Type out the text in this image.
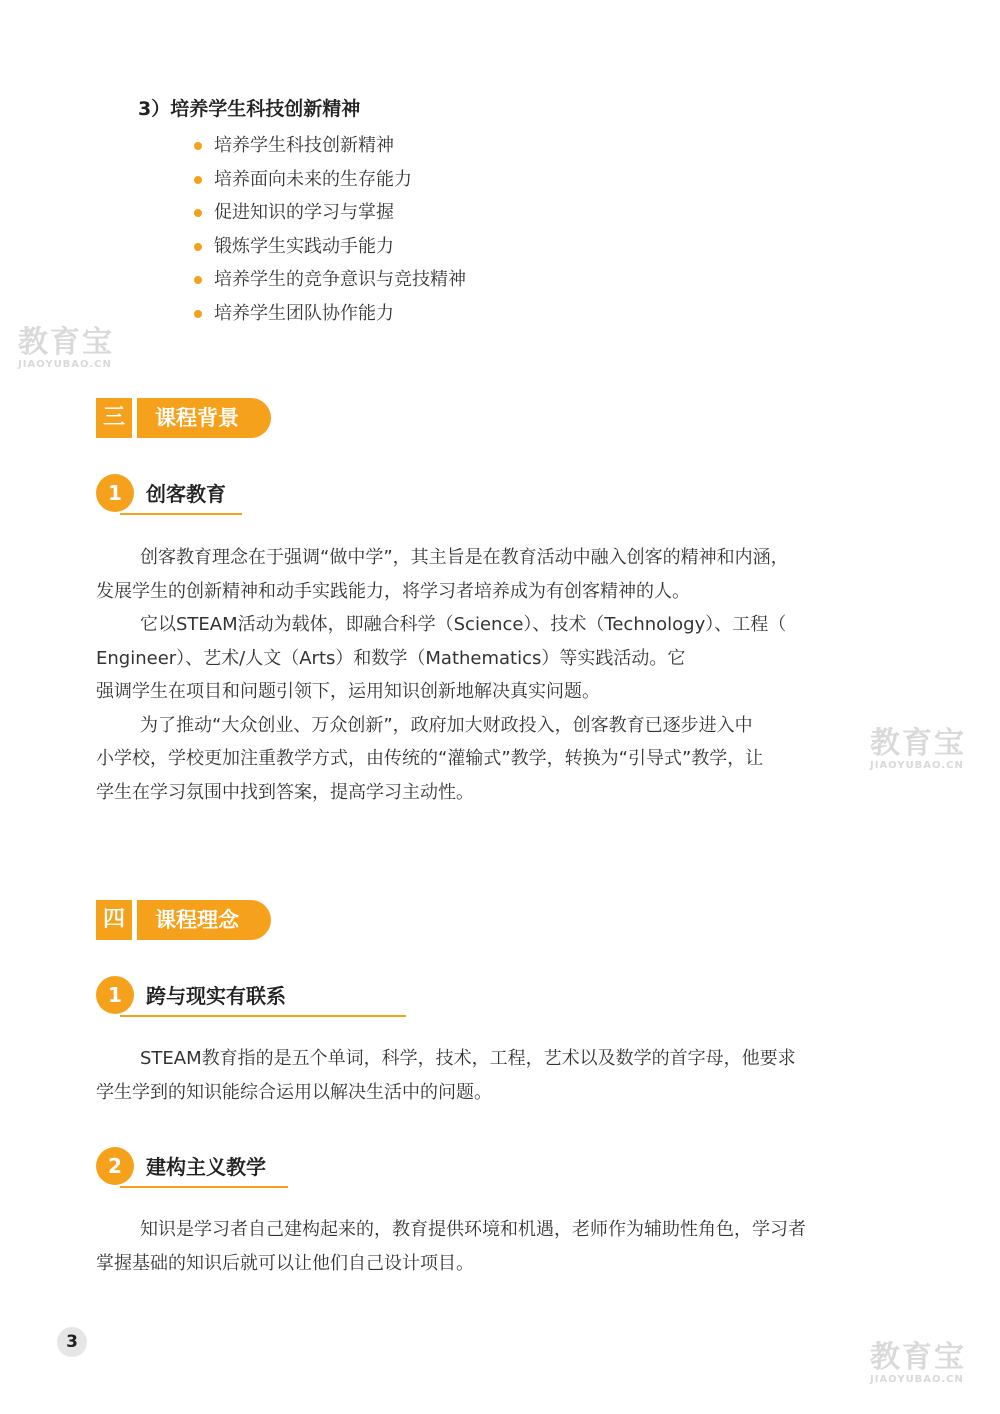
3）培养学生科技创新精神
培养学生科技创新精神
培养面向未来的生存能力
促进知识的学习与掌握
锻炼学生实践动手能力
培养学生的竞争意识与竞技精神
培养学生团队协作能力
教育宝
JIAOYUBAO.CN
三	课程背景
1	创客教育

创客教育理念在于强调“做中学”，其主旨是在教育活动中融入创客的精神和内涵，

发展学生的创新精神和动手实践能力，将学习者培养成为有创客精神的人。

它以STEAM活动为载体，即融合科学（Science）、技术（Technology）、工程（

Engineer）、艺术/人文（Arts）和数学（Mathematics）等实践活动。它

强调学生在项目和问题引领下，运用知识创新地解决真实问题。

为了推动“大众创业、万众创新”，政府加大财政投入，创客教育已逐步进入中

小学校，学校更加注重教学方式，由传统的“灌输式”教学，转换为“引导式”教学，让

学生在学习氛围中找到答案，提高学习主动性。

教育宝
JIAOYUBAO.CN
四	课程理念
1	跨与现实有联系

STEAM教育指的是五个单词，科学，技术，工程，艺术以及数学的首字母，他要求

学生学到的知识能综合运用以解决生活中的问题。

2	建构主义教学

知识是学习者自己建构起来的，教育提供环境和机遇，老师作为辅助性角色，学习者

掌握基础的知识后就可以让他们自己设计项目。

3	教育宝
JIAOYUBAO.CN
